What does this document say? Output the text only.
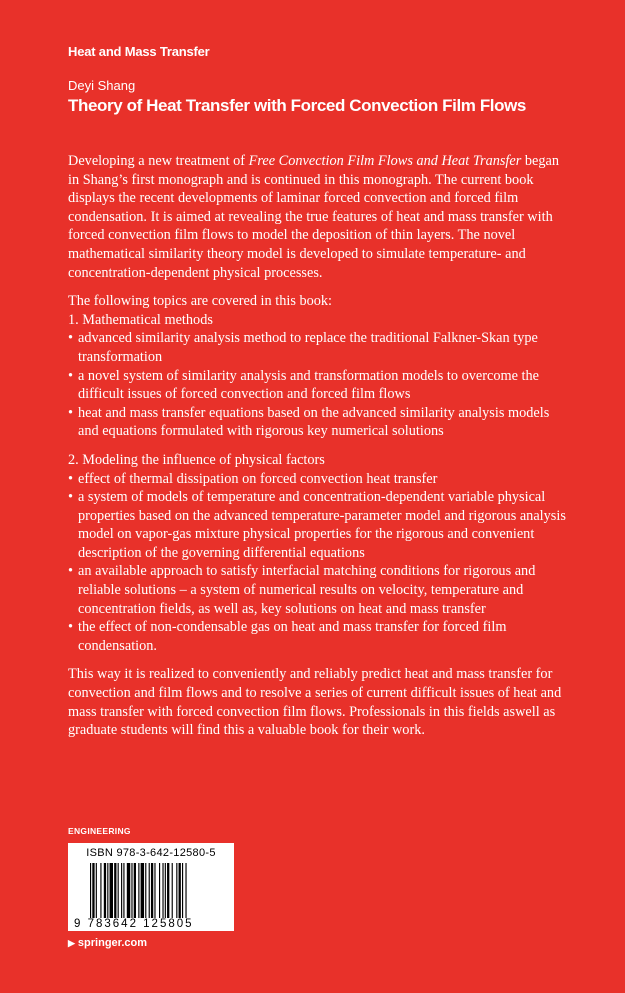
Heat and Mass Transfer
Deyi Shang
Theory of Heat Transfer with Forced Convection Film Flows

Developing a new treatment of Free Convection Film Flows and Heat Transfer began in Shang’s first monograph and is continued in this monograph. The current book displays the recent developments of laminar forced convection and forced film condensation. It is aimed at revealing the true features of heat and mass transfer with forced convection film flows to model the deposition of thin layers. The novel mathematical similarity theory model is developed to simulate temperature- and concentration-dependent physical processes.

The following topics are covered in this book:

1. Mathematical methods

• advanced similarity analysis method to replace the traditional Falkner-Skan type transformation
• a novel system of similarity analysis and transformation models to overcome the difficult issues of forced convection and forced film flows
• heat and mass transfer equations based on the advanced similarity analysis models and equations formulated with rigorous key numerical solutions

2. Modeling the influence of physical factors

• effect of thermal dissipation on forced convection heat transfer
• a system of models of temperature and concentration-dependent variable physical properties based on the advanced temperature-parameter model and rigorous analysis model on vapor-gas mixture physical properties for the rigorous and convenient description of the governing differential equations
• an available approach to satisfy interfacial matching conditions for rigorous and reliable solutions – a system of numerical results on velocity, temperature and concentration fields, as well as, key solutions on heat and mass transfer
• the effect of non-condensable gas on heat and mass transfer for forced film condensation.

This way it is realized to conveniently and reliably predict heat and mass transfer for convection and film flows and to resolve a series of current difficult issues of heat and mass transfer with forced convection film flows. Professionals in this fields aswell as graduate students will find this a valuable book for their work.

ENGINEERING
ISBN 978-3-642-12580-5
9 783642 125805
▶ springer.com
